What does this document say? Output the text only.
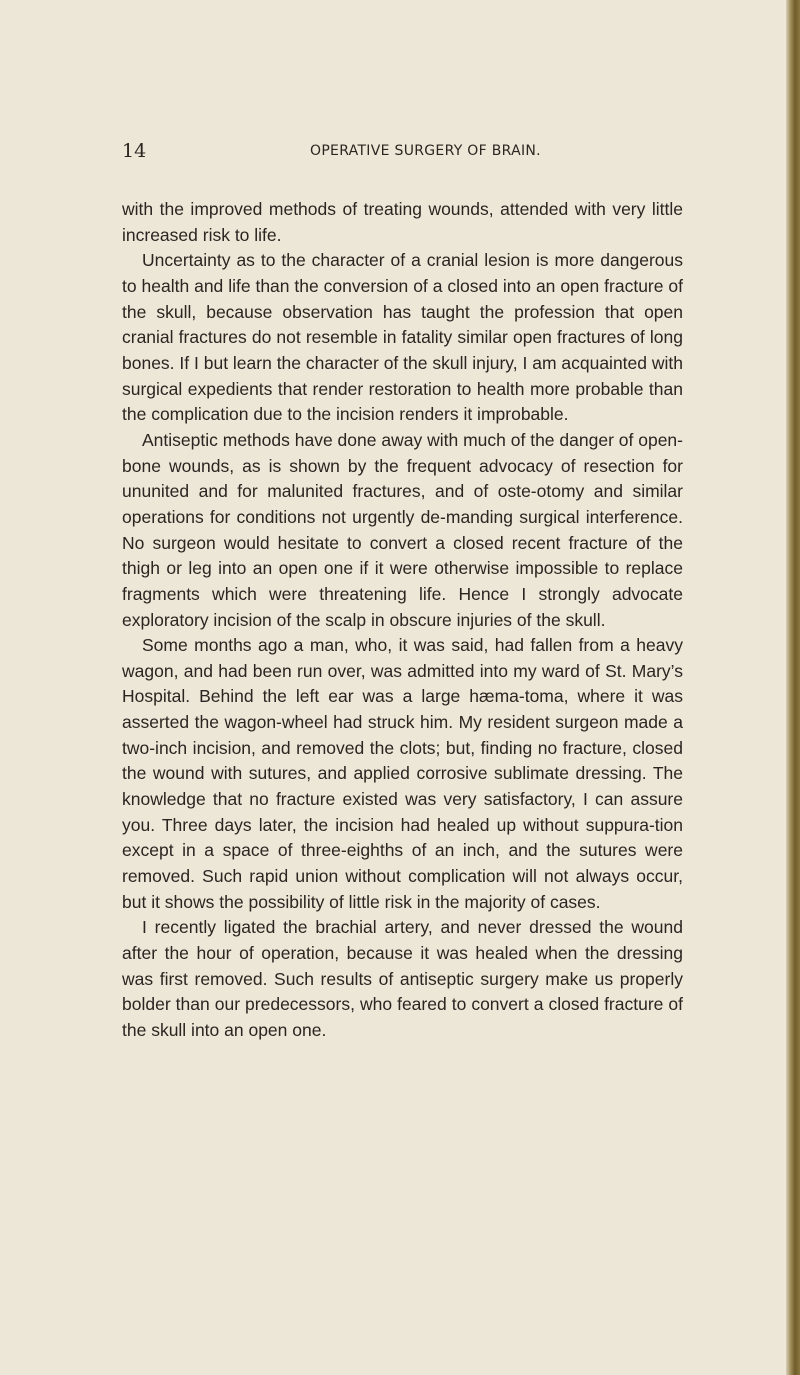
14	OPERATIVE SURGERY OF BRAIN.

with the improved methods of treating wounds, attended with very little increased risk to life.

Uncertainty as to the character of a cranial lesion is more dangerous to health and life than the conversion of a closed into an open fracture of the skull, because observation has taught the profession that open cranial fractures do not resemble in fatality similar open fractures of long bones. If I but learn the character of the skull injury, I am acquainted with surgical expedients that render restoration to health more probable than the complication due to the incision renders it improbable.

Antiseptic methods have done away with much of the danger of open-bone wounds, as is shown by the frequent advocacy of resection for ununited and for malunited fractures, and of oste-otomy and similar operations for conditions not urgently de-manding surgical interference. No surgeon would hesitate to convert a closed recent fracture of the thigh or leg into an open one if it were otherwise impossible to replace fragments which were threatening life. Hence I strongly advocate exploratory incision of the scalp in obscure injuries of the skull.

Some months ago a man, who, it was said, had fallen from a heavy wagon, and had been run over, was admitted into my ward of St. Mary’s Hospital. Behind the left ear was a large hæma-toma, where it was asserted the wagon-wheel had struck him. My resident surgeon made a two-inch incision, and removed the clots; but, finding no fracture, closed the wound with sutures, and applied corrosive sublimate dressing. The knowledge that no fracture existed was very satisfactory, I can assure you. Three days later, the incision had healed up without suppura-tion except in a space of three-eighths of an inch, and the sutures were removed. Such rapid union without complication will not always occur, but it shows the possibility of little risk in the majority of cases.

I recently ligated the brachial artery, and never dressed the wound after the hour of operation, because it was healed when the dressing was first removed. Such results of antiseptic surgery make us properly bolder than our predecessors, who feared to convert a closed fracture of the skull into an open one.
